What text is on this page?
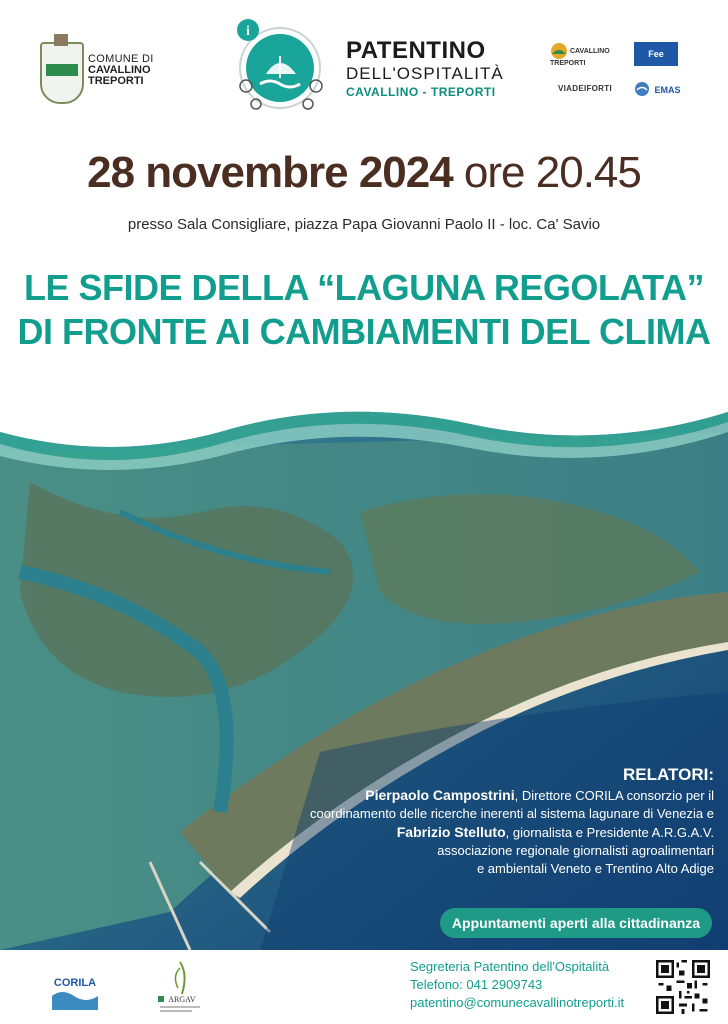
COMUNE DI
CAVALLINO
TREPORTI
i
PATENTINO
DELL'OSPITALITÀ
CAVALLINO - TREPORTI
CAVALLINO TREPORTI
Fee
VIADEIFORTI	EMAS
28 novembre 2024 ore 20.45
presso Sala Consigliare, piazza Papa Giovanni Paolo II - loc. Ca' Savio
LE SFIDE DELLA “LAGUNA REGOLATA”
DI FRONTE AI CAMBIAMENTI DEL CLIMA
RELATORI:
Pierpaolo Campostrini, Direttore CORILA consorzio per il
coordinamento delle ricerche inerenti al sistema lagunare di Venezia e
Fabrizio Stelluto, giornalista e Presidente A.R.G.A.V.
associazione regionale giornalisti agroalimentari
e ambientali Veneto e Trentino Alto Adige
Appuntamenti aperti alla cittadinanza
CORILA
ARGAV
Segreteria Patentino dell'Ospitalità
Telefono: 041 2909743
patentino@comunecavallinotreporti.it
